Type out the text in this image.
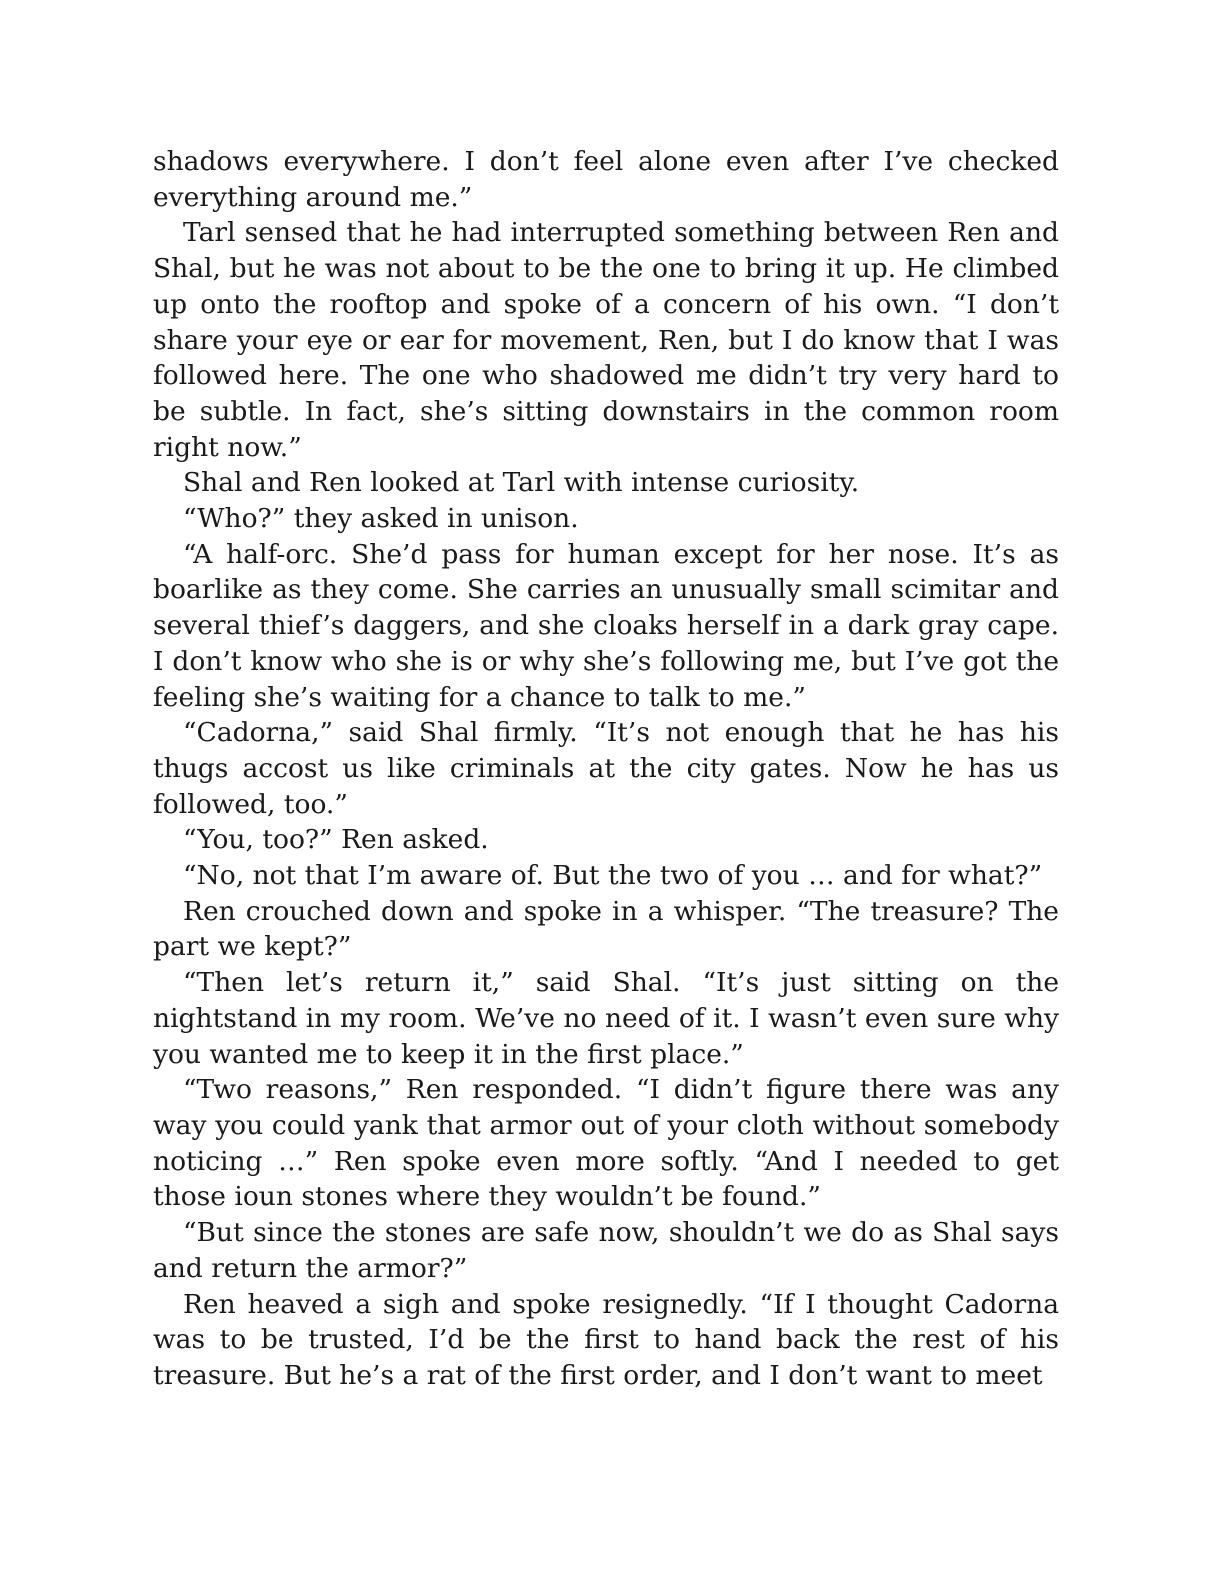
shadows everywhere. I don’t feel alone even after I’ve checked everything around me.”

Tarl sensed that he had interrupted something between Ren and Shal, but he was not about to be the one to bring it up. He climbed up onto the rooftop and spoke of a concern of his own. “I don’t share your eye or ear for movement, Ren, but I do know that I was followed here. The one who shadowed me didn’t try very hard to be subtle. In fact, she’s sitting downstairs in the common room right now.”

Shal and Ren looked at Tarl with intense curiosity.

“Who?” they asked in unison.

“A half-orc. She’d pass for human except for her nose. It’s as boarlike as they come. She carries an unusually small scimitar and several thief’s daggers, and she cloaks herself in a dark gray cape. I don’t know who she is or why she’s following me, but I’ve got the feeling she’s waiting for a chance to talk to me.”

“Cadorna,” said Shal firmly. “It’s not enough that he has his thugs accost us like criminals at the city gates. Now he has us followed, too.”

“You, too?” Ren asked.

“No, not that I’m aware of. But the two of you … and for what?”

Ren crouched down and spoke in a whisper. “The treasure? The part we kept?”

“Then let’s return it,” said Shal. “It’s just sitting on the nightstand in my room. We’ve no need of it. I wasn’t even sure why you wanted me to keep it in the first place.”

“Two reasons,” Ren responded. “I didn’t figure there was any way you could yank that armor out of your cloth without somebody noticing …” Ren spoke even more softly. “And I needed to get those ioun stones where they wouldn’t be found.”

“But since the stones are safe now, shouldn’t we do as Shal says and return the armor?”

Ren heaved a sigh and spoke resignedly. “If I thought Cadorna was to be trusted, I’d be the first to hand back the rest of his treasure. But he’s a rat of the first order, and I don’t want to meet
